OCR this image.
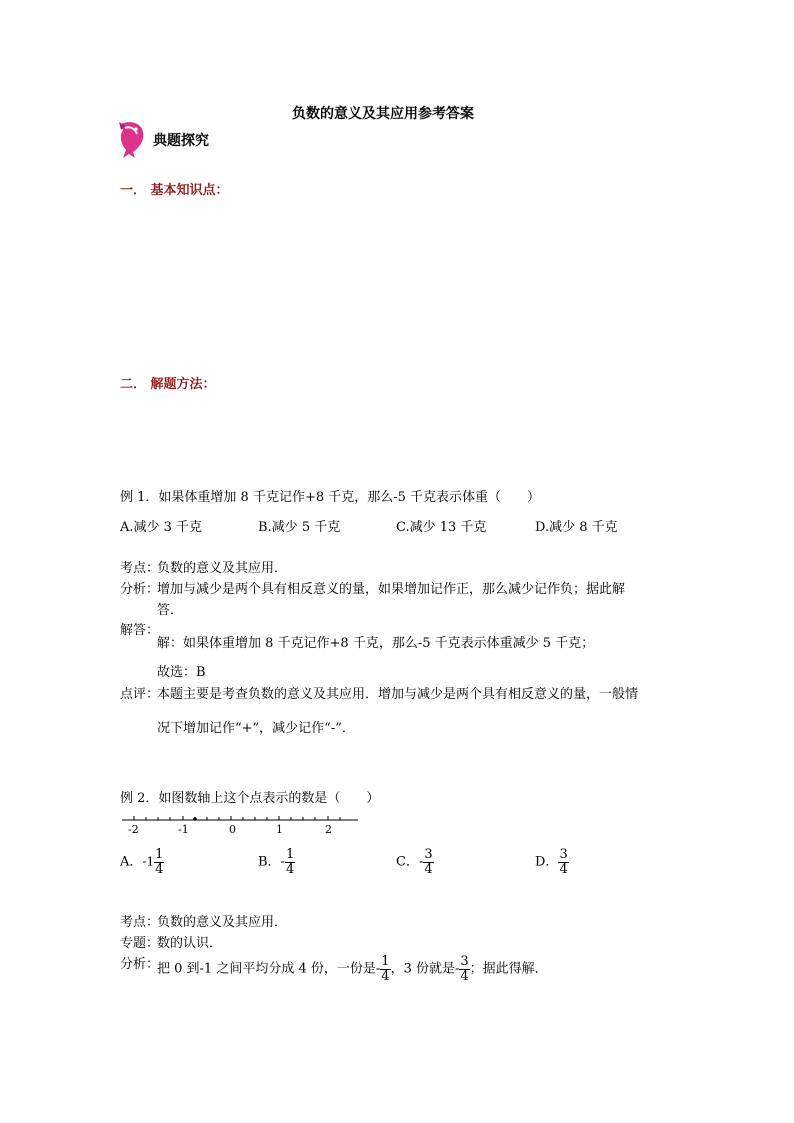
负数的意义及其应用参考答案
典题探究
一． 基本知识点：
二． 解题方法：
例 1．如果体重增加 8 千克记作+8 千克，那么-5 千克表示体重（　　）
A.减少 3 千克	B.减少 5 千克	C.减少 13 千克	D.减少 8 千克
考点：
负数的意义及其应用．
分析：
增加与减少是两个具有相反意义的量，如果增加记作正，那么减少记作负；据此解
答．
解答：
解：如果体重增加 8 千克记作+8 千克，那么-5 千克表示体重减少 5 千克；
故选：B
点评：
本题主要是考查负数的意义及其应用．增加与减少是两个具有相反意义的量，一般情
况下增加记作“+”，减少记作“-”．
例 2．如图数轴上这个点表示的数是（　　）
-2	-1	0	1	2
A．$-1 \frac{1}{4}$	B．- $\frac{1}{4}$	C．- $\frac{3}{4}$	D． $\frac{3}{4}$
考点：
负数的意义及其应用．
专题：
数的认识．
分析：
把 0 到-1 之间平均分成 4 份，一份是- $\frac{1}{4}$ ，3 份就是- $\frac{3}{4}$ ；据此得解．
